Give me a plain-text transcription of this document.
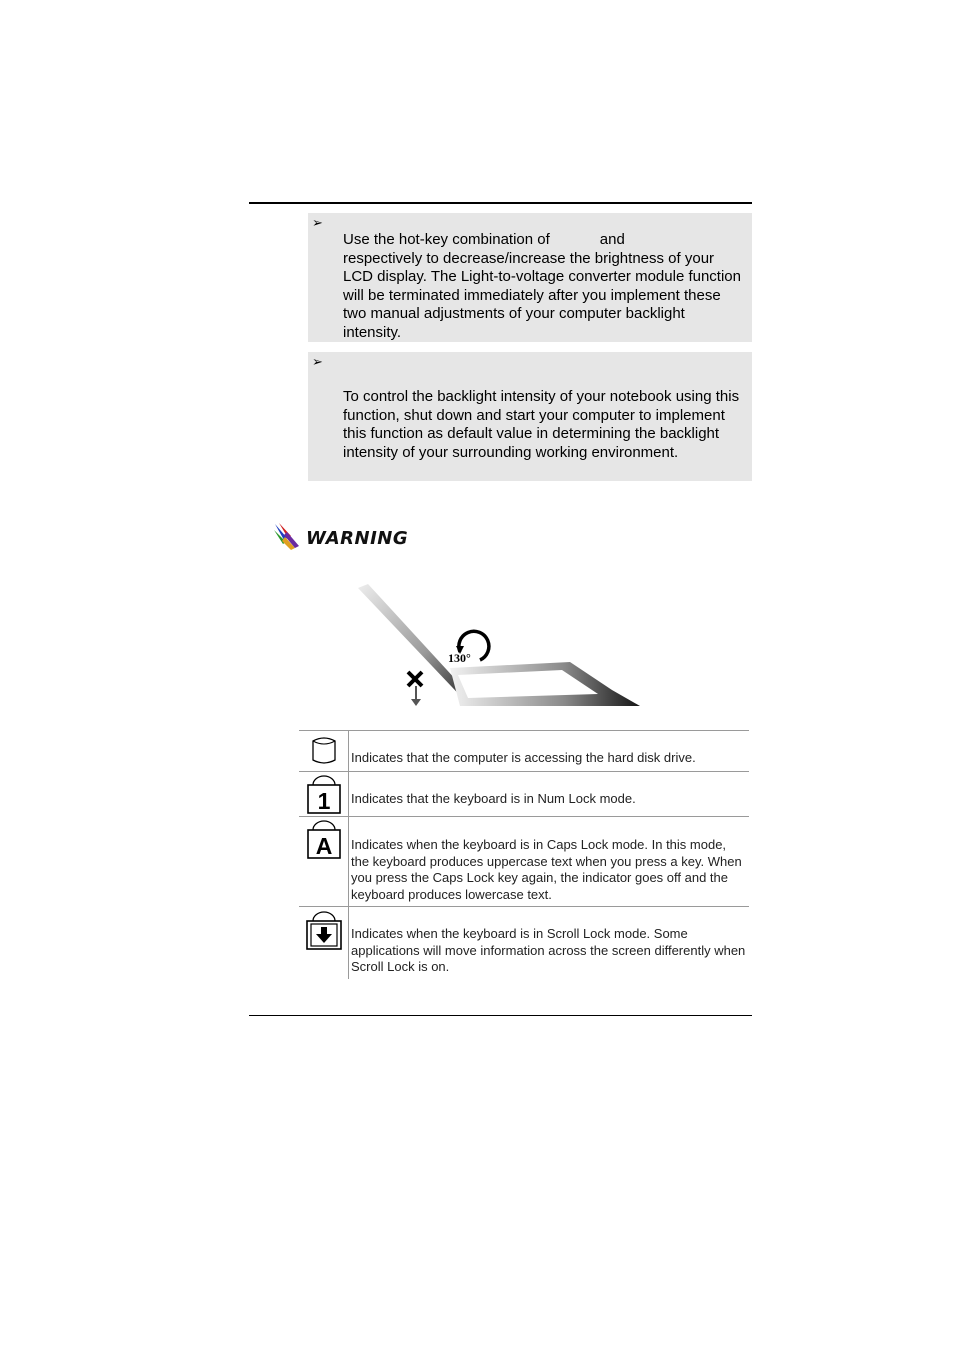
➢
Use the hot-key combination of            and
respectively to decrease/increase the brightness of your LCD display. The Light-to-voltage converter module function will be terminated immediately after you implement these two manual adjustments of your computer backlight intensity.
➢
To control the backlight intensity of your notebook using this function, shut down and start your computer to implement this function as default value in determining the backlight intensity of your surrounding working environment.
WARNING
130°
Indicates that the computer is accessing the hard disk drive.
1 Indicates that the keyboard is in Num Lock mode.
A Indicates when the keyboard is in Caps Lock mode. In this mode, the keyboard produces uppercase text when you press a key. When you press the Caps Lock key again, the indicator goes off and the keyboard produces lowercase text.
Indicates when the keyboard is in Scroll Lock mode. Some applications will move information across the screen differently when Scroll Lock is on.
